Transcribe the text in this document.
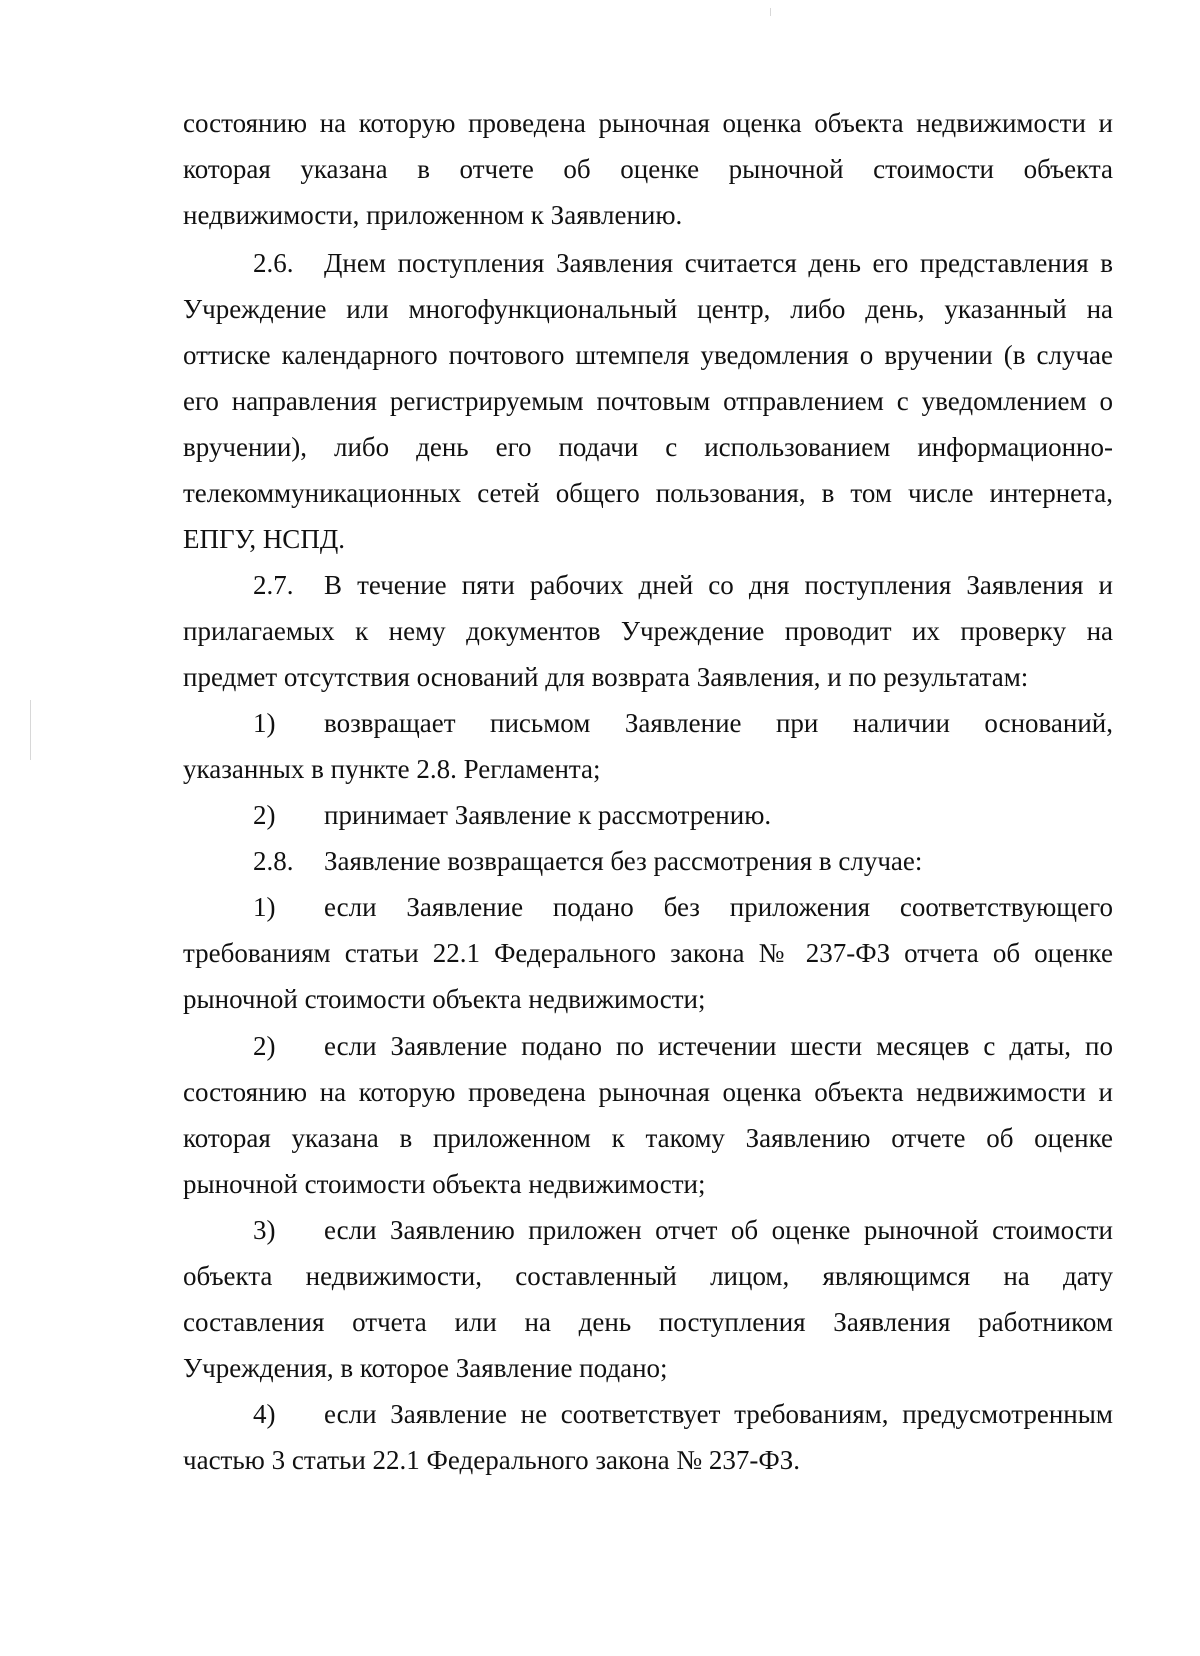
состоянию на которую проведена рыночная оценка объекта недвижимости и
которая указана в отчете об оценке рыночной стоимости объекта
недвижимости, приложенном к Заявлению.
2.6. Днем поступления Заявления считается день его представления в
Учреждение или многофункциональный центр, либо день, указанный на
оттиске календарного почтового штемпеля уведомления о вручении (в случае
его направления регистрируемым почтовым отправлением с уведомлением о
вручении), либо день его подачи с использованием информационно-
телекоммуникационных сетей общего пользования, в том числе интернета,
ЕПГУ, НСПД.
2.7. В течение пяти рабочих дней со дня поступления Заявления и
прилагаемых к нему документов Учреждение проводит их проверку на
предмет отсутствия оснований для возврата Заявления, и по результатам:
1) возвращает письмом Заявление при наличии оснований,
указанных в пункте 2.8. Регламента;
2) принимает Заявление к рассмотрению.
2.8. Заявление возвращается без рассмотрения в случае:
1) если Заявление подано без приложения соответствующего
требованиям статьи 22.1 Федерального закона № 237-ФЗ отчета об оценке
рыночной стоимости объекта недвижимости;
2) если Заявление подано по истечении шести месяцев с даты, по
состоянию на которую проведена рыночная оценка объекта недвижимости и
которая указана в приложенном к такому Заявлению отчете об оценке
рыночной стоимости объекта недвижимости;
3) если Заявлению приложен отчет об оценке рыночной стоимости
объекта недвижимости, составленный лицом, являющимся на дату
составления отчета или на день поступления Заявления работником
Учреждения, в которое Заявление подано;
4) если Заявление не соответствует требованиям, предусмотренным
частью 3 статьи 22.1 Федерального закона № 237-ФЗ.
